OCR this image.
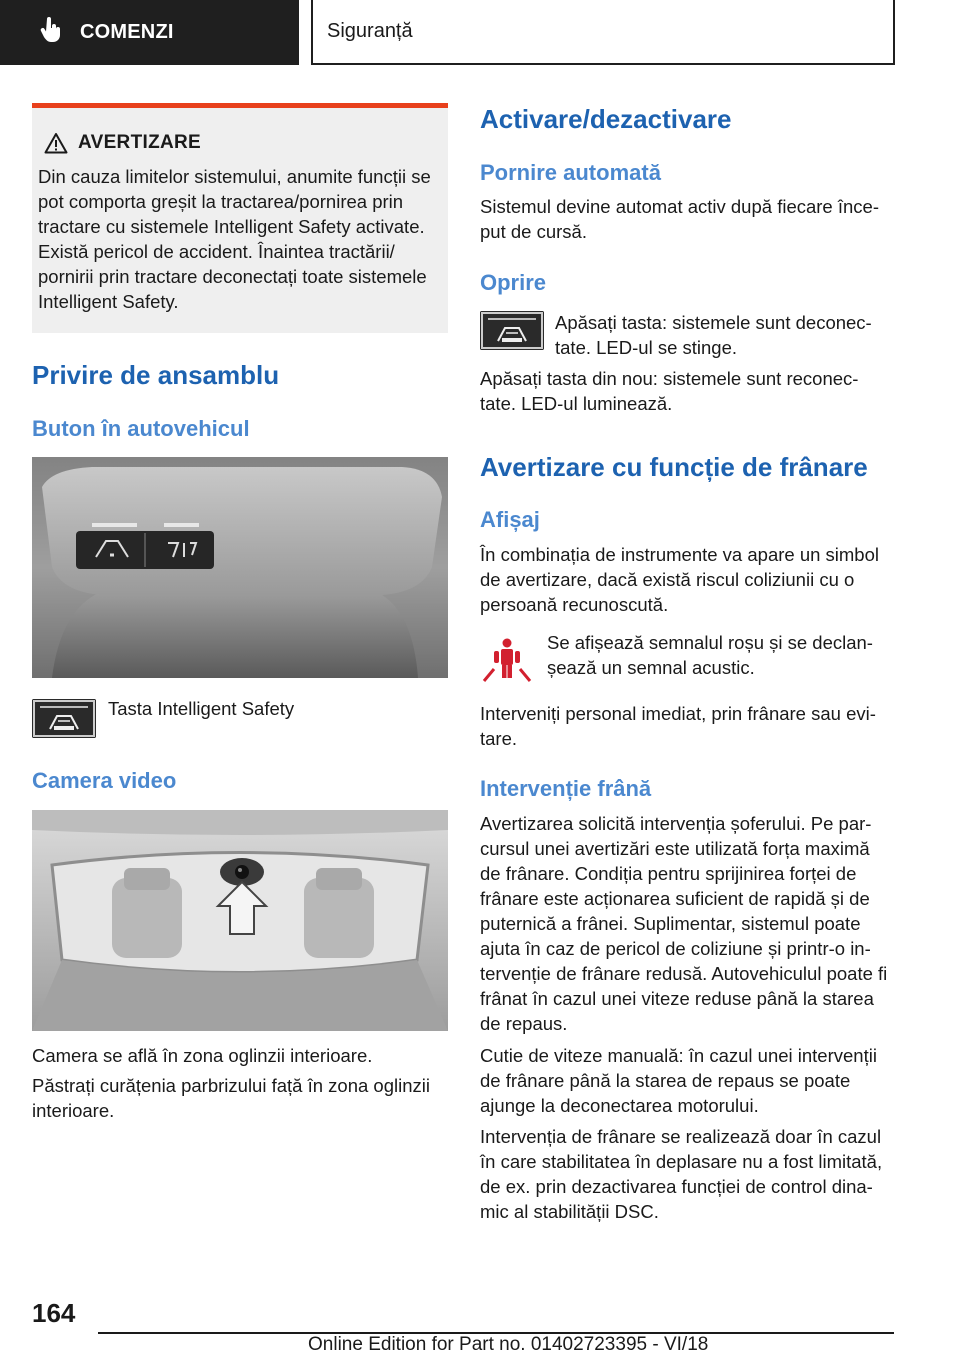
COMENZI	Siguranță
AVERTIZARE
Din cauza limitelor sistemului, anumite funcții se pot comporta greșit la tractarea/pornirea prin tractare cu sistemele Intelligent Safety activate. Există pericol de accident. Înaintea tractării/ pornirii prin tractare deconectați toate sistemele Intelligent Safety.
Privire de ansamblu
Buton în autovehicul
Tasta Intelligent Safety
Camera video
Camera se află în zona oglinzii interioare.
Păstrați curățenia parbrizului față în zona oglinzii interioare.
Activare/dezactivare
Pornire automată
Sistemul devine automat activ după fiecare înce- put de cursă.
Oprire
Apăsați tasta: sistemele sunt deconec- tate. LED-ul se stinge.
Apăsați tasta din nou: sistemele sunt reconec- tate. LED-ul luminează.
Avertizare cu funcție de frânare
Afișaj
În combinația de instrumente va apare un simbol de avertizare, dacă există riscul coliziunii cu o persoană recunoscută.
Se afișează semnalul roșu și se declan- șează un semnal acustic.
Interveniți personal imediat, prin frânare sau evi- tare.
Intervenție frână
Avertizarea solicită intervenția șoferului. Pe par- cursul unei avertizări este utilizată forța maximă de frânare. Condiția pentru sprijinirea forței de frânare este acționarea suficient de rapidă și de puternică a frânei. Suplimentar, sistemul poate ajuta în caz de pericol de coliziune și printr-o in- tervenție de frânare redusă. Autovehiculul poate fi frânat în cazul unei viteze reduse până la starea de repaus.
Cutie de viteze manuală: în cazul unei intervenții de frânare până la starea de repaus se poate ajunge la deconectarea motorului.
Intervenția de frânare se realizează doar în cazul în care stabilitatea în deplasare nu a fost limitată, de ex. prin dezactivarea funcției de control dina- mic al stabilității DSC.
164
Online Edition for Part no. 01402723395 - VI/18
